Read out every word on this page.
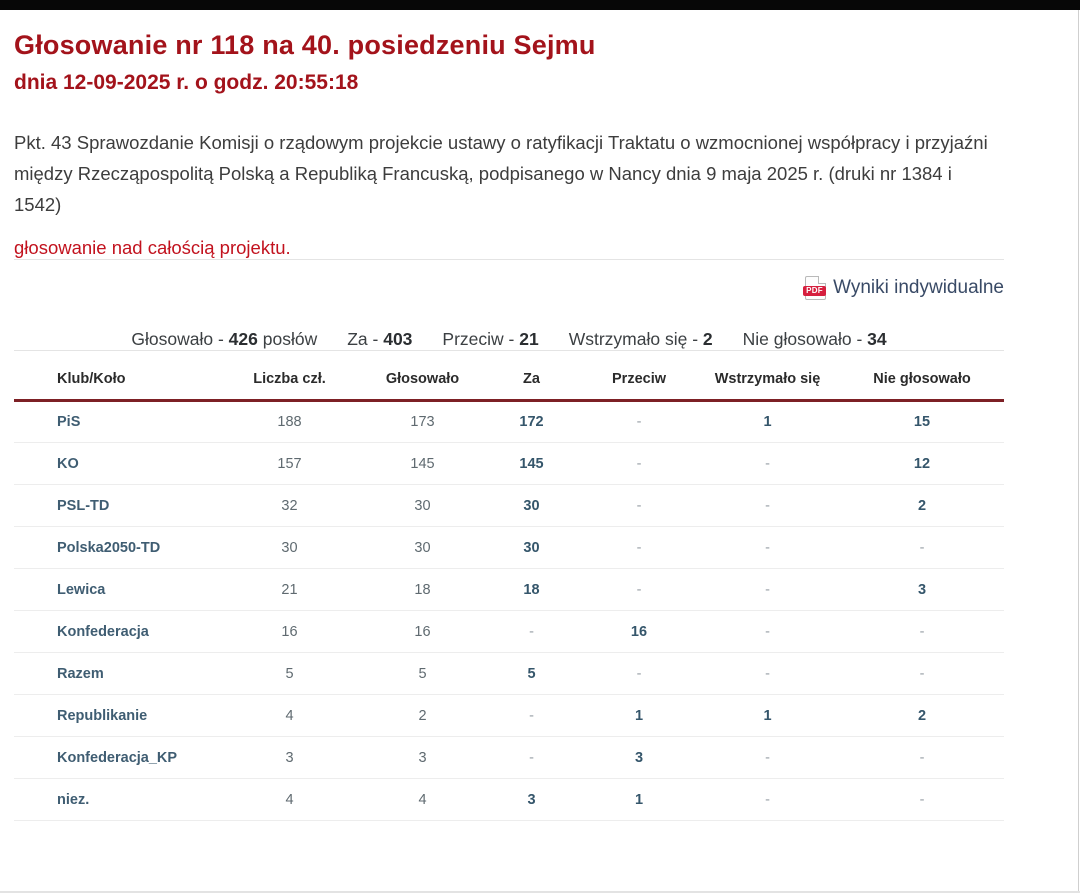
Głosowanie nr 118 na 40. posiedzeniu Sejmu
dnia 12-09-2025 r. o godz. 20:55:18

Pkt. 43 Sprawozdanie Komisji o rządowym projekcie ustawy o ratyfikacji Traktatu o wzmocnionej współpracy i przyjaźni między Rzecząpospolitą Polską a Republiką Francuską, podpisanego w Nancy dnia 9 maja 2025 r. (druki nr 1384 i 1542)

głosowanie nad całością projektu.

PDF Wyniki indywidualne
Głosowało - 426 posłów Za - 403 Przeciw - 21 Wstrzymało się - 2 Nie głosowało - 34
Klub/Koło	Liczba czł.	Głosowało	Za	Przeciw	Wstrzymało się	Nie głosowało
PiS	188	173	172	-	1	15
KO	157	145	145	-	-	12
PSL-TD	32	30	30	-	-	2
Polska2050-TD	30	30	30	-	-	-
Lewica	21	18	18	-	-	3
Konfederacja	16	16	-	16	-	-
Razem	5	5	5	-	-	-
Republikanie	4	2	-	1	1	2
Konfederacja_KP	3	3	-	3	-	-
niez.	4	4	3	1	-	-
